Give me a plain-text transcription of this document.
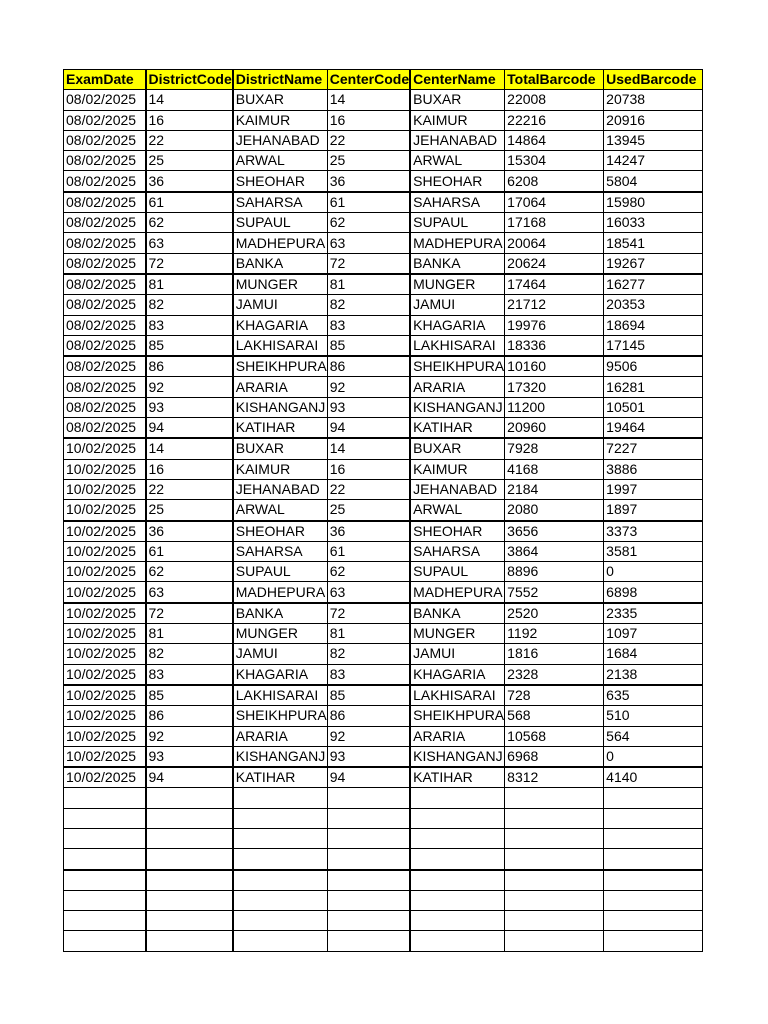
ExamDate	DistrictCode	DistrictName	CenterCode	CenterName	TotalBarcode	UsedBarcode
08/02/2025	14	BUXAR	14	BUXAR	22008	20738
08/02/2025	16	KAIMUR	16	KAIMUR	22216	20916
08/02/2025	22	JEHANABAD	22	JEHANABAD	14864	13945
08/02/2025	25	ARWAL	25	ARWAL	15304	14247
08/02/2025	36	SHEOHAR	36	SHEOHAR	6208	5804
08/02/2025	61	SAHARSA	61	SAHARSA	17064	15980
08/02/2025	62	SUPAUL	62	SUPAUL	17168	16033
08/02/2025	63	MADHEPURA	63	MADHEPURA	20064	18541
08/02/2025	72	BANKA	72	BANKA	20624	19267
08/02/2025	81	MUNGER	81	MUNGER	17464	16277
08/02/2025	82	JAMUI	82	JAMUI	21712	20353
08/02/2025	83	KHAGARIA	83	KHAGARIA	19976	18694
08/02/2025	85	LAKHISARAI	85	LAKHISARAI	18336	17145
08/02/2025	86	SHEIKHPURA	86	SHEIKHPURA	10160	9506
08/02/2025	92	ARARIA	92	ARARIA	17320	16281
08/02/2025	93	KISHANGANJ	93	KISHANGANJ	11200	10501
08/02/2025	94	KATIHAR	94	KATIHAR	20960	19464
10/02/2025	14	BUXAR	14	BUXAR	7928	7227
10/02/2025	16	KAIMUR	16	KAIMUR	4168	3886
10/02/2025	22	JEHANABAD	22	JEHANABAD	2184	1997
10/02/2025	25	ARWAL	25	ARWAL	2080	1897
10/02/2025	36	SHEOHAR	36	SHEOHAR	3656	3373
10/02/2025	61	SAHARSA	61	SAHARSA	3864	3581
10/02/2025	62	SUPAUL	62	SUPAUL	8896	0
10/02/2025	63	MADHEPURA	63	MADHEPURA	7552	6898
10/02/2025	72	BANKA	72	BANKA	2520	2335
10/02/2025	81	MUNGER	81	MUNGER	1192	1097
10/02/2025	82	JAMUI	82	JAMUI	1816	1684
10/02/2025	83	KHAGARIA	83	KHAGARIA	2328	2138
10/02/2025	85	LAKHISARAI	85	LAKHISARAI	728	635
10/02/2025	86	SHEIKHPURA	86	SHEIKHPURA	568	510
10/02/2025	92	ARARIA	92	ARARIA	10568	564
10/02/2025	93	KISHANGANJ	93	KISHANGANJ	6968	0
10/02/2025	94	KATIHAR	94	KATIHAR	8312	4140
